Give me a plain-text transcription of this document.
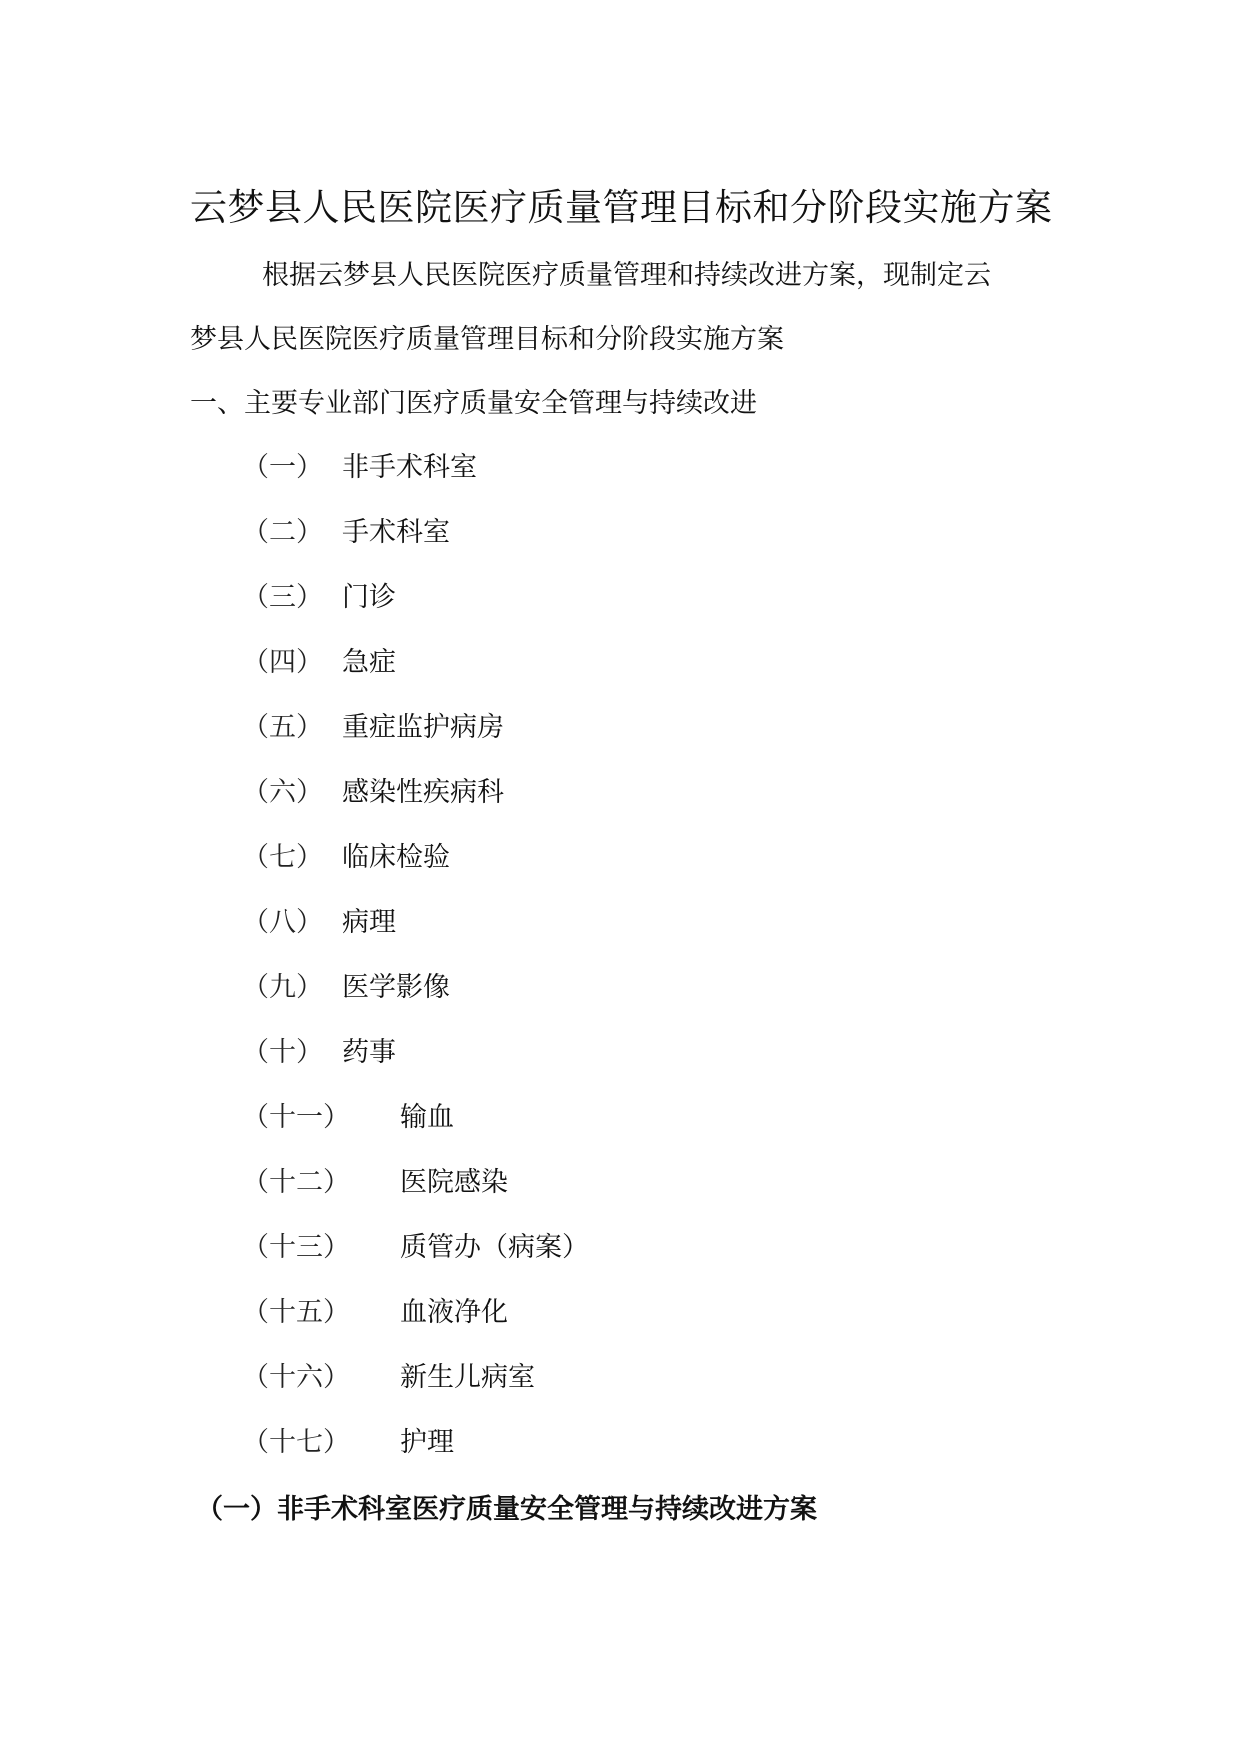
云梦县人民医院医疗质量管理目标和分阶段实施方案
根据云梦县人民医院医疗质量管理和持续改进方案，现制定云
梦县人民医院医疗质量管理目标和分阶段实施方案
一、主要专业部门医疗质量安全管理与持续改进
（一） 非手术科室
（二） 手术科室
（三） 门诊
（四） 急症
（五） 重症监护病房
（六） 感染性疾病科
（七） 临床检验
（八） 病理
（九） 医学影像
（十） 药事
（十一） 输血
（十二） 医院感染
（十三） 质管办（病案）
（十五） 血液净化
（十六） 新生儿病室
（十七） 护理
（一）非手术科室医疗质量安全管理与持续改进方案
